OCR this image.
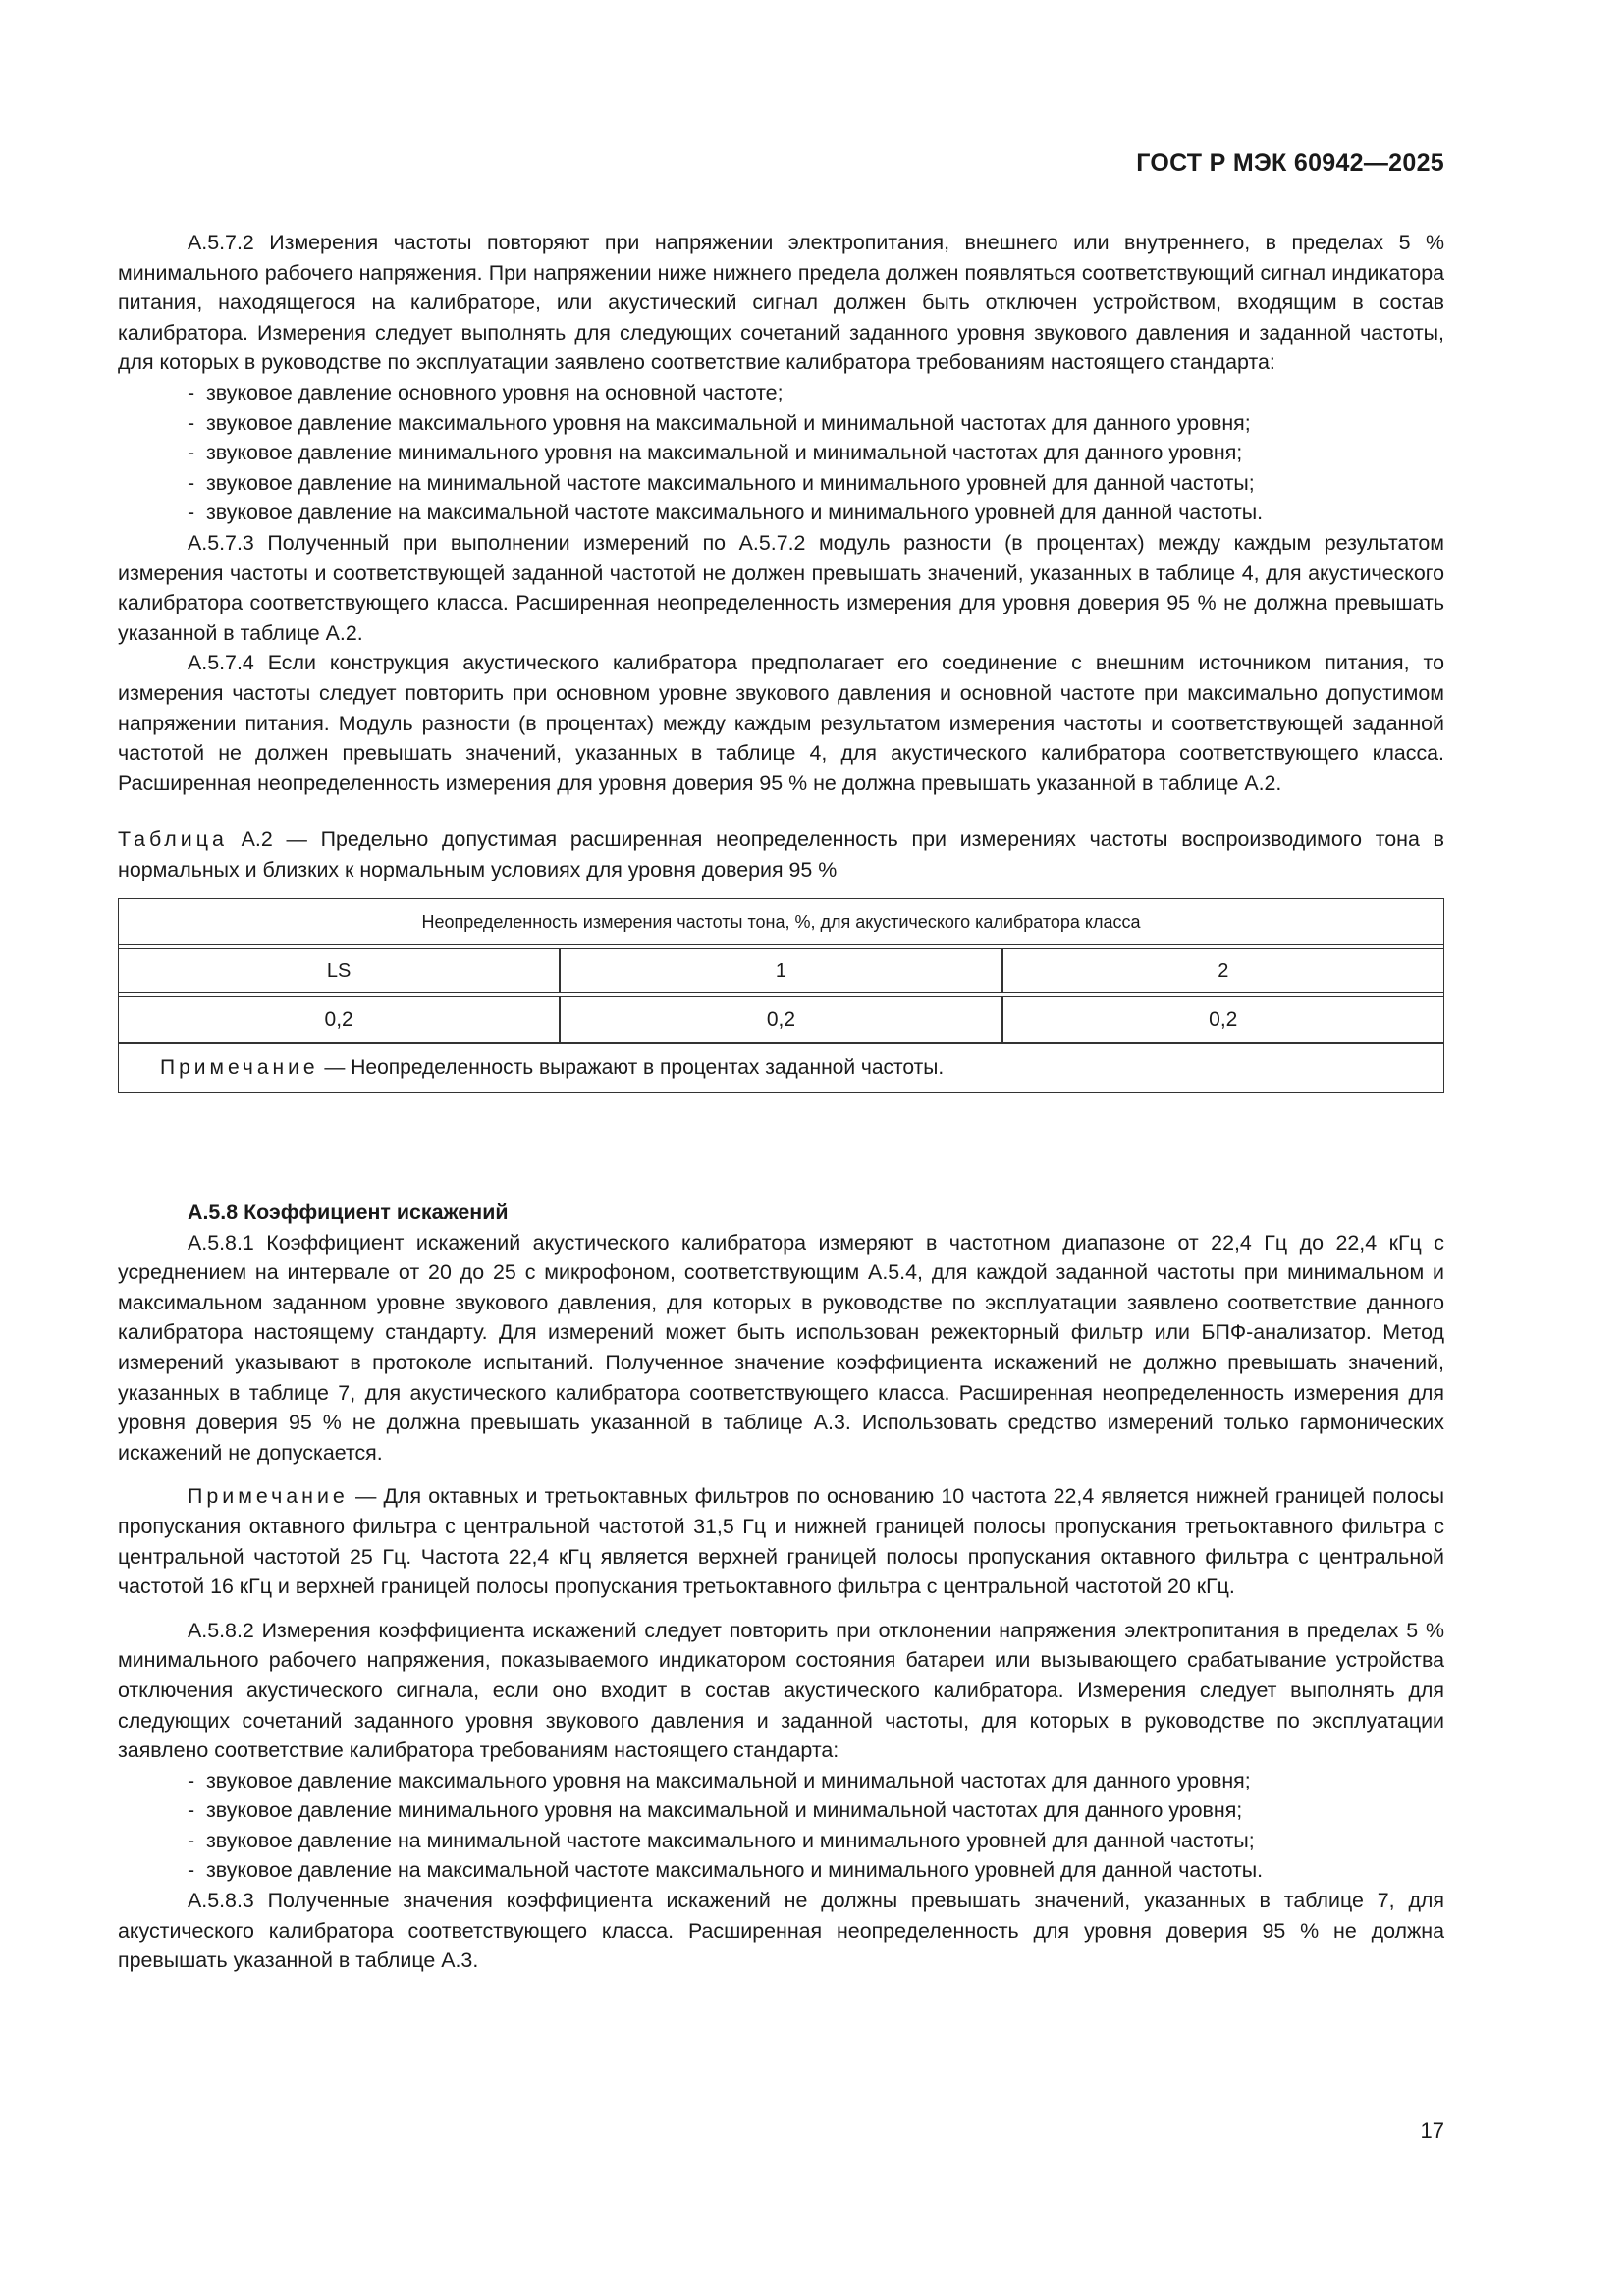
ГОСТ Р МЭК 60942—2025

А.5.7.2 Измерения частоты повторяют при напряжении электропитания, внешнего или внутреннего, в пределах 5 % минимального рабочего напряжения. При напряжении ниже нижнего предела должен появляться соответствующий сигнал индикатора питания, находящегося на калибраторе, или акустический сигнал должен быть отключен устройством, входящим в состав калибратора. Измерения следует выполнять для следующих сочетаний заданного уровня звукового давления и заданной частоты, для которых в руководстве по эксплуатации заявлено соответствие калибратора требованиям настоящего стандарта:

- звуковое давление основного уровня на основной частоте;
- звуковое давление максимального уровня на максимальной и минимальной частотах для данного уровня;
- звуковое давление минимального уровня на максимальной и минимальной частотах для данного уровня;
- звуковое давление на минимальной частоте максимального и минимального уровней для данной частоты;
- звуковое давление на максимальной частоте максимального и минимального уровней для данной частоты.

А.5.7.3 Полученный при выполнении измерений по А.5.7.2 модуль разности (в процентах) между каждым результатом измерения частоты и соответствующей заданной частотой не должен превышать значений, указанных в таблице 4, для акустического калибратора соответствующего класса. Расширенная неопределенность измерения для уровня доверия 95 % не должна превышать указанной в таблице А.2.

А.5.7.4 Если конструкция акустического калибратора предполагает его соединение с внешним источником питания, то измерения частоты следует повторить при основном уровне звукового давления и основной частоте при максимально допустимом напряжении питания. Модуль разности (в процентах) между каждым результатом измерения частоты и соответствующей заданной частотой не должен превышать значений, указанных в таблице 4, для акустического калибратора соответствующего класса. Расширенная неопределенность измерения для уровня доверия 95 % не должна превышать указанной в таблице А.2.

Таблица А.2 — Предельно допустимая расширенная неопределенность при измерениях частоты воспроизводимого тона в нормальных и близких к нормальным условиях для уровня доверия 95 %

Неопределенность измерения частоты тона, %, для акустического калибратора класса		

LS	1	2

0,2	0,2	0,2
Примечание — Неопределенность выражают в процентах заданной частоты.		

А.5.8 Коэффициент искажений

А.5.8.1 Коэффициент искажений акустического калибратора измеряют в частотном диапазоне от 22,4 Гц до 22,4 кГц с усреднением на интервале от 20 до 25 с микрофоном, соответствующим А.5.4, для каждой заданной частоты при минимальном и максимальном заданном уровне звукового давления, для которых в руководстве по эксплуатации заявлено соответствие данного калибратора настоящему стандарту. Для измерений может быть использован режекторный фильтр или БПФ-анализатор. Метод измерений указывают в протоколе испытаний. Полученное значение коэффициента искажений не должно превышать значений, указанных в таблице 7, для акустического калибратора соответствующего класса. Расширенная неопределенность измерения для уровня доверия 95 % не должна превышать указанной в таблице А.3. Использовать средство измерений только гармонических искажений не допускается.

Примечание — Для октавных и третьоктавных фильтров по основанию 10 частота 22,4 является нижней границей полосы пропускания октавного фильтра с центральной частотой 31,5 Гц и нижней границей полосы пропускания третьоктавного фильтра с центральной частотой 25 Гц. Частота 22,4 кГц является верхней границей полосы пропускания октавного фильтра с центральной частотой 16 кГц и верхней границей полосы пропускания третьоктавного фильтра с центральной частотой 20 кГц.

А.5.8.2 Измерения коэффициента искажений следует повторить при отклонении напряжения электропитания в пределах 5 % минимального рабочего напряжения, показываемого индикатором состояния батареи или вызывающего срабатывание устройства отключения акустического сигнала, если оно входит в состав акустического калибратора. Измерения следует выполнять для следующих сочетаний заданного уровня звукового давления и заданной частоты, для которых в руководстве по эксплуатации заявлено соответствие калибратора требованиям настоящего стандарта:

- звуковое давление максимального уровня на максимальной и минимальной частотах для данного уровня;
- звуковое давление минимального уровня на максимальной и минимальной частотах для данного уровня;
- звуковое давление на минимальной частоте максимального и минимального уровней для данной частоты;
- звуковое давление на максимальной частоте максимального и минимального уровней для данной частоты.

А.5.8.3 Полученные значения коэффициента искажений не должны превышать значений, указанных в таблице 7, для акустического калибратора соответствующего класса. Расширенная неопределенность для уровня доверия 95 % не должна превышать указанной в таблице А.3.

17
